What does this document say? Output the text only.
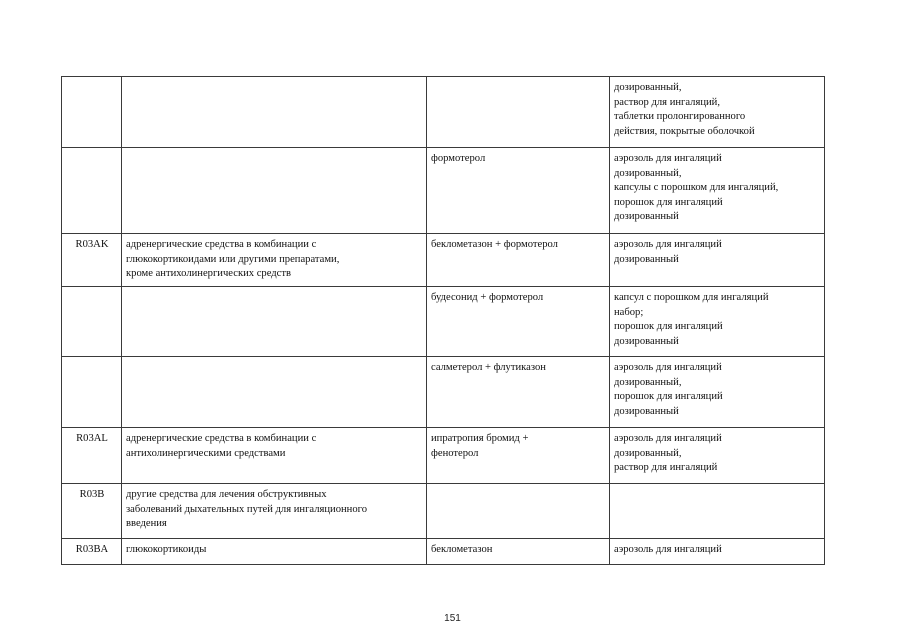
			дозированный,
раствор для ингаляций,
таблетки пролонгированного
действия, покрытые оболочкой
		формотерол	аэрозоль для ингаляций
дозированный,
капсулы с порошком для ингаляций,
порошок для ингаляций
дозированный
R03AK	адренергические средства в комбинации с
глюкокортикоидами или другими препаратами,
кроме антихолинергических средств	беклометазон + формотерол	аэрозоль для ингаляций
дозированный
		будесонид + формотерол	капсул с порошком для ингаляций
набор;
порошок для ингаляций
дозированный
		салметерол + флутиказон	аэрозоль для ингаляций
дозированный,
порошок для ингаляций
дозированный
R03AL	адренергические средства в комбинации с
антихолинергическими средствами	ипратропия бромид +
фенотерол	аэрозоль для ингаляций
дозированный,
раствор для ингаляций
R03B	другие средства для лечения обструктивных
заболеваний дыхательных путей для ингаляционного
введения		
R03BA	глюкокортикоиды	беклометазон	аэрозоль для ингаляций
151
